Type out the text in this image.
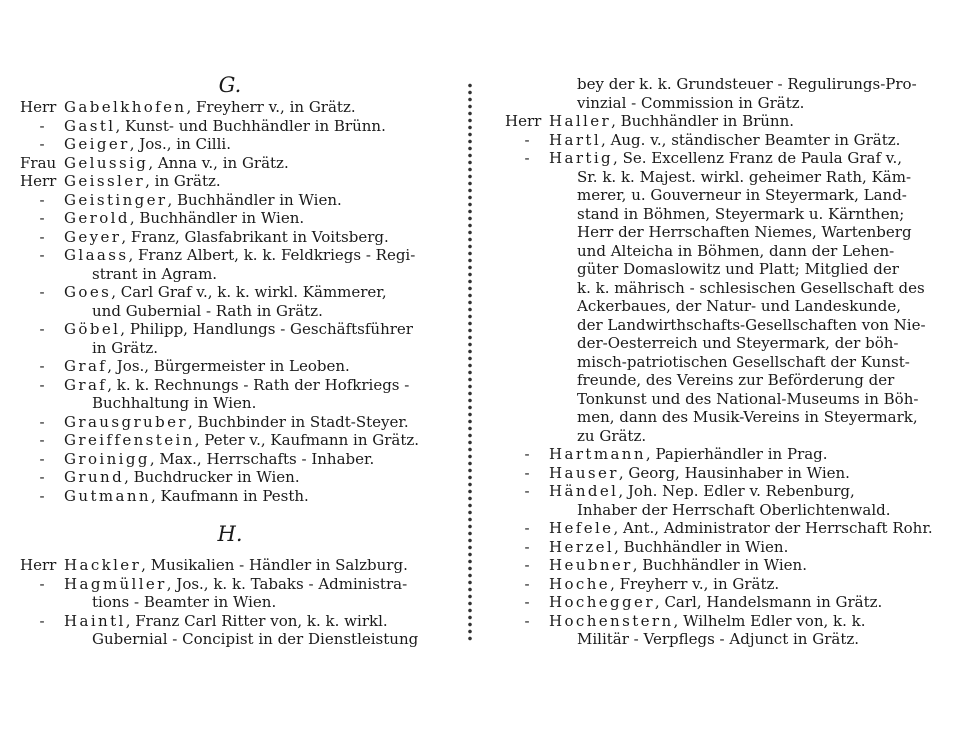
G.
Herr Gabelkhofen, Freyherr v., in Grätz.
-	Gastl, Kunst- und Buchhändler in Brünn.
-	Geiger, Jos., in Cilli.
Frau Gelussig, Anna v., in Grätz.
Herr Geissler, in Grätz.
-	Geistinger, Buchhändler in Wien.
-	Gerold, Buchhändler in Wien.
-	Geyer, Franz, Glasfabrikant in Voitsberg.
-	Glaass, Franz Albert, k. k. Feldkriegs - Regi-
strant in Agram.
-	Goes, Carl Graf v., k. k. wirkl. Kämmerer,
und Gubernial - Rath in Grätz.
-	Göbel, Philipp, Handlungs - Geschäftsführer
in Grätz.
-	Graf, Jos., Bürgermeister in Leoben.
-	Graf, k. k. Rechnungs - Rath der Hofkriegs -
Buchhaltung in Wien.
-	Grausgruber, Buchbinder in Stadt-Steyer.
-	Greiffenstein, Peter v., Kaufmann in Grätz.
-	Groinigg, Max., Herrschafts - Inhaber.
-	Grund, Buchdrucker in Wien.
-	Gutmann, Kaufmann in Pesth.
H.
Herr Hackler, Musikalien - Händler in Salzburg.
-	Hagmüller, Jos., k. k. Tabaks - Administra-
tions - Beamter in Wien.
-	Haintl, Franz Carl Ritter von, k. k. wirkl.
Gubernial - Concipist in der Dienstleistung
bey der k. k. Grundsteuer - Regulirungs-Pro-
vinzial - Commission in Grätz.
Herr Haller, Buchhändler in Brünn.
-	Hartl, Aug. v., ständischer Beamter in Grätz.
-	Hartig, Se. Excellenz Franz de Paula Graf v.,
Sr. k. k. Majest. wirkl. geheimer Rath, Käm-
merer, u. Gouverneur in Steyermark, Land-
stand in Böhmen, Steyermark u. Kärnthen;
Herr der Herrschaften Niemes, Wartenberg
und Alteicha in Böhmen, dann der Lehen-
güter Domaslowitz und Platt; Mitglied der
k. k. mährisch - schlesischen Gesellschaft des
Ackerbaues, der Natur- und Landeskunde,
der Landwirthschafts-Gesellschaften von Nie-
der-Oesterreich und Steyermark, der böh-
misch-patriotischen Gesellschaft der Kunst-
freunde, des Vereins zur Beförderung der
Tonkunst und des National-Museums in Böh-
men, dann des Musik-Vereins in Steyermark,
zu Grätz.
-	Hartmann, Papierhändler in Prag.
-	Hauser, Georg, Hausinhaber in Wien.
-	Händel, Joh. Nep. Edler v. Rebenburg,
Inhaber der Herrschaft Oberlichtenwald.
-	Hefele, Ant., Administrator der Herrschaft Rohr.
-	Herzel, Buchhändler in Wien.
-	Heubner, Buchhändler in Wien.
-	Hoche, Freyherr v., in Grätz.
-	Hochegger, Carl, Handelsmann in Grätz.
-	Hochenstern, Wilhelm Edler von, k. k.
Militär - Verpflegs - Adjunct in Grätz.
